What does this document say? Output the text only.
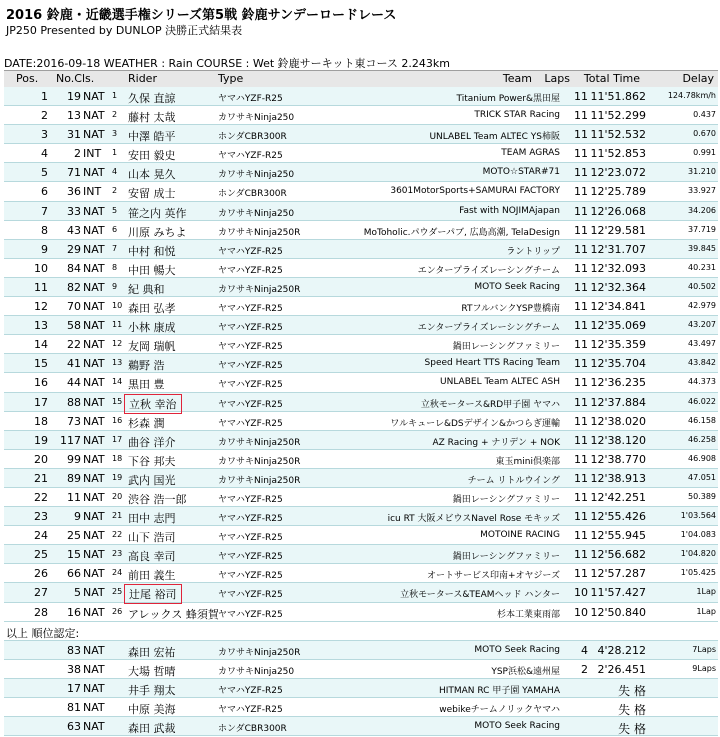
2016 鈴鹿・近畿選手権シリーズ第5戦 鈴鹿サンデーロードレース
JP250 Presented by DUNLOP 決勝正式結果表
DATE:2016-09-18 WEATHER : Rain COURSE : Wet 鈴鹿サーキット東コース 2.243km
Pos. No.Cls.	Rider	Type	Team Laps Total Time	Delay
1 19 NAT 1 久保 直諒	ヤマハYZF-R25	Titanium Power&黒田屋 11 11'51.862	124.78km/h
2 13 NAT 2 藤村 太哉	カワサキNinja250	TRICK STAR Racing 11 11'52.299	0.437
3 31 NAT 3 中澤 皓平	ホンダCBR300R	UNLABEL Team ALTEC YS柿阪 11 11'52.532	0.670
4 2 INT 1 安田 毅史	ヤマハYZF-R25	TEAM AGRAS 11 11'52.853	0.991
5 71 NAT 4 山本 晃久	カワサキNinja250	MOTO☆STAR#71 11 12'23.072	31.210
6 36 INT 2 安留 成士	ホンダCBR300R	3601MotorSports+SAMURAI FACTORY 11 12'25.789	33.927
7 33 NAT 5 笹之内 英作	カワサキNinja250	Fast with NOJIMAjapan 11 12'26.068	34.206
8 43 NAT 6 川原 みちよ	カワサキNinja250R	MoToholic.パウダーパブ, 広島高潮, TelaDesign 11 12'29.581	37.719
9 29 NAT 7 中村 和悦	ヤマハYZF-R25	ラントリップ 11 12'31.707	39.845
10 84 NAT 8 中田 暢大	ヤマハYZF-R25	エンタープライズレーシングチーム 11 12'32.093	40.231
11 82 NAT 9 紀 典和	カワサキNinja250R	MOTO Seek Racing 11 12'32.364	40.502
12 70 NAT 10 森田 弘孝	ヤマハYZF-R25	RTフルバンクYSP豊橋南 11 12'34.841	42.979
13 58 NAT 11 小林 康成	ヤマハYZF-R25	エンタープライズレーシングチーム 11 12'35.069	43.207
14 22 NAT 12 友岡 瑞帆	ヤマハYZF-R25	鍋田レーシングファミリー 11 12'35.359	43.497
15 41 NAT 13 鵜野 浩	ヤマハYZF-R25	Speed Heart TTS Racing Team 11 12'35.704	43.842
16 44 NAT 14 黒田 豊	ヤマハYZF-R25	UNLABEL Team ALTEC ASH 11 12'36.235	44.373
17 88 NAT 15 立秋 幸治	ヤマハYZF-R25	立秋モータース&RD甲子園 ヤマハ 11 12'37.884	46.022
18 73 NAT 16 杉森 潤	ヤマハYZF-R25	ワルキューレ&DSデザイン&かつらぎ運輸 11 12'38.020	46.158
19 117 NAT 17 曲谷 洋介	カワサキNinja250R	AZ Racing + ナリデン + NOK 11 12'38.120	46.258
20 99 NAT 18 下谷 邦夫	カワサキNinja250R	東玉mini倶楽部 11 12'38.770	46.908
21 89 NAT 19 武内 国光	カワサキNinja250R	チーム リトルウイング 11 12'38.913	47.051
22 11 NAT 20 渋谷 浩一郎	ヤマハYZF-R25	鍋田レーシングファミリー 11 12'42.251	50.389
23 9 NAT 21 田中 志門	ヤマハYZF-R25	icu RT 大阪メビウスNavel Rose モキッズ 11 12'55.426	1'03.564
24 25 NAT 22 山下 浩司	ヤマハYZF-R25	MOTOINE RACING 11 12'55.945	1'04.083
25 15 NAT 23 高良 幸司	ヤマハYZF-R25	鍋田レーシングファミリー 11 12'56.682	1'04.820
26 66 NAT 24 前田 義生	ヤマハYZF-R25	オートサービス印南+オヤジーズ 11 12'57.287	1'05.425
27 5 NAT 25 辻尾 裕司	ヤマハYZF-R25	立秋モータース&TEAMヘッド ハンター 10 11'57.427	1Lap
28 16 NAT 26 アレックス 蜂須賀 ヤマハYZF-R25	杉本工業東雨部 10 12'50.840	1Lap
以上 順位認定:
83 NAT 森田 宏祐	カワサキNinja250R	MOTO Seek Racing 4 4'28.212	7Laps
38 NAT 大場 哲晴	カワサキNinja250	YSP浜松&遠州屋 2 2'26.451	9Laps
17 NAT 井手 翔太	ヤマハYZF-R25	HITMAN RC 甲子園 YAMAHA	失 格
81 NAT 中原 美海	ヤマハYZF-R25	webikeチームノリックヤマハ	失 格
63 NAT 森田 武裁	ホンダCBR300R	MOTO Seek Racing	失 格
